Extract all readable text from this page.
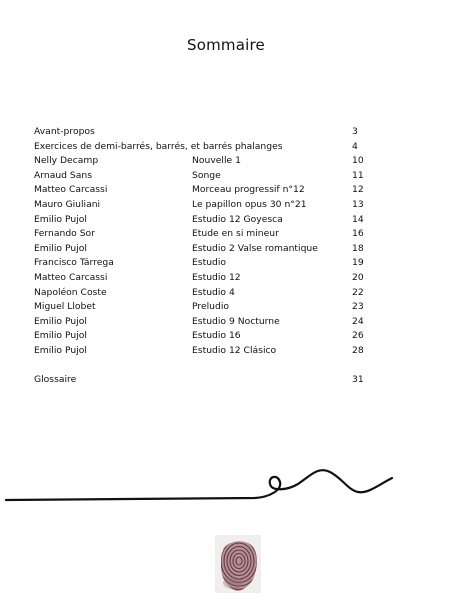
Sommaire
Avant-propos	3
Exercices de demi-barrés, barrés, et barrés phalanges	4
Nelly Decamp	Nouvelle 1	10
Arnaud Sans	Songe	11
Matteo Carcassi	Morceau progressif n°12	12
Mauro Giuliani	Le papillon opus 30 n°21	13
Emilio Pujol	Estudio 12 Goyesca	14
Fernando Sor	Etude en si mineur	16
Emilio Pujol	Estudio 2 Valse romantique	18
Francisco Tárrega	Estudio	19
Matteo Carcassi	Estudio 12	20
Napoléon Coste	Estudio 4	22
Miguel Llobet	Preludio	23
Emilio Pujol	Estudio 9 Nocturne	24
Emilio Pujol	Estudio 16	26
Emilio Pujol	Estudio 12 Clásico	28
Glossaire	31
